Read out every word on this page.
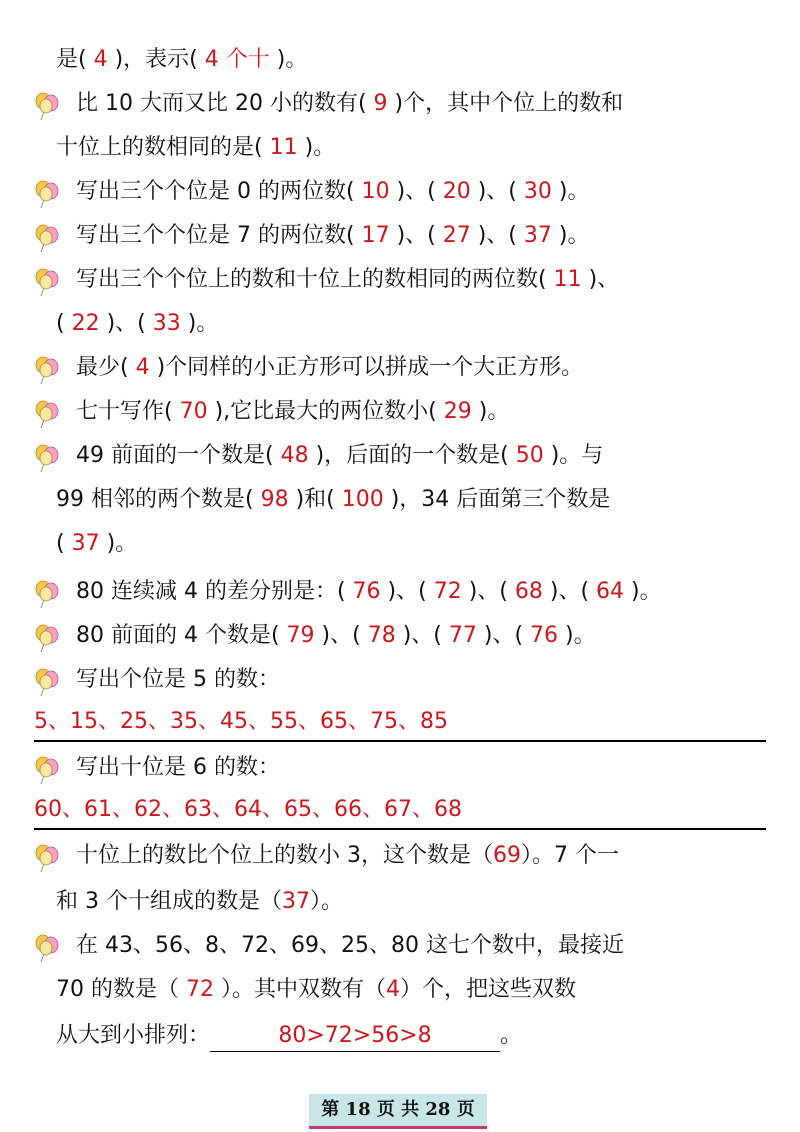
是( 4 )，表示( 4 个十 )。
比 10 大而又比 20 小的数有( 9 )个，其中个位上的数和
十位上的数相同的是( 11 )。
写出三个个位是 0 的两位数( 10 )、( 20 )、( 30 )。
写出三个个位是 7 的两位数( 17 )、( 27 )、( 37 )。
写出三个个位上的数和十位上的数相同的两位数( 11 )、
( 22 )、( 33 )。
最少( 4 )个同样的小正方形可以拼成一个大正方形。
七十写作( 70 ),它比最大的两位数小( 29 )。
49 前面的一个数是( 48 )，后面的一个数是( 50 )。与
99 相邻的两个数是( 98 )和( 100 )，34 后面第三个数是
( 37 )。
80 连续减 4 的差分别是：( 76 )、( 72 )、( 68 )、( 64 )。
80 前面的 4 个数是( 79 )、( 78 )、( 77 )、( 76 )。
写出个位是 5 的数：
写出十位是 6 的数：
十位上的数比个位上的数小 3，这个数是（69）。7 个一
和 3 个十组成的数是（37）。
在 43、56、8、72、69、25、80 这七个数中，最接近
70 的数是（ 72 ）。其中双数有（4）个，把这些双数
从大到小排列：	80>72>56>8	。
5、15、25、35、45、55、65、75、85
60、61、62、63、64、65、66、67、68
第 18 页 共 28 页
